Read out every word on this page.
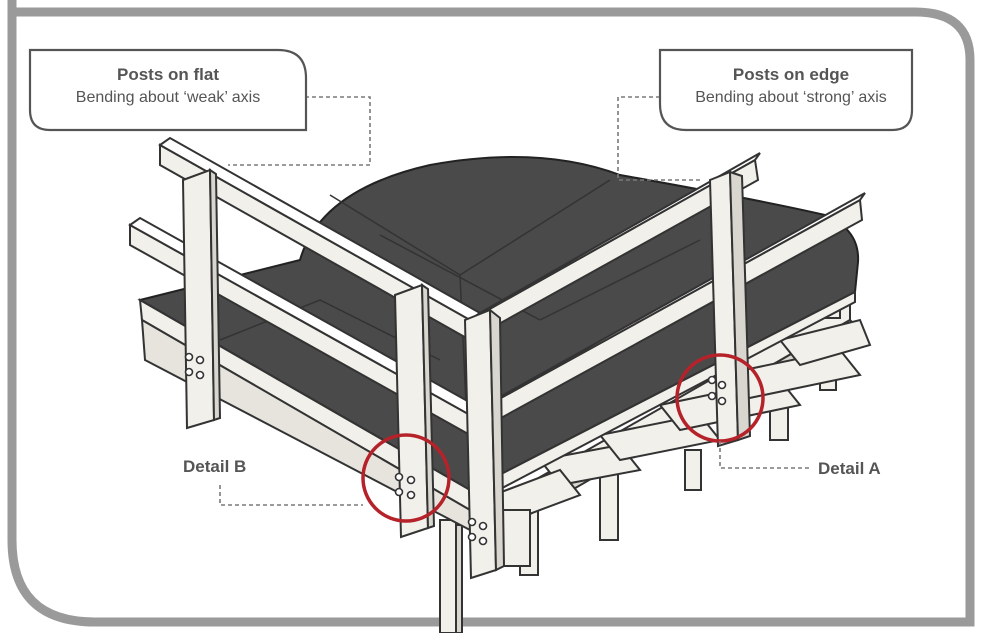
Posts on flat
Bending about ‘weak’ axis
Posts on edge
Bending about ‘strong’ axis
Detail B	Detail A
